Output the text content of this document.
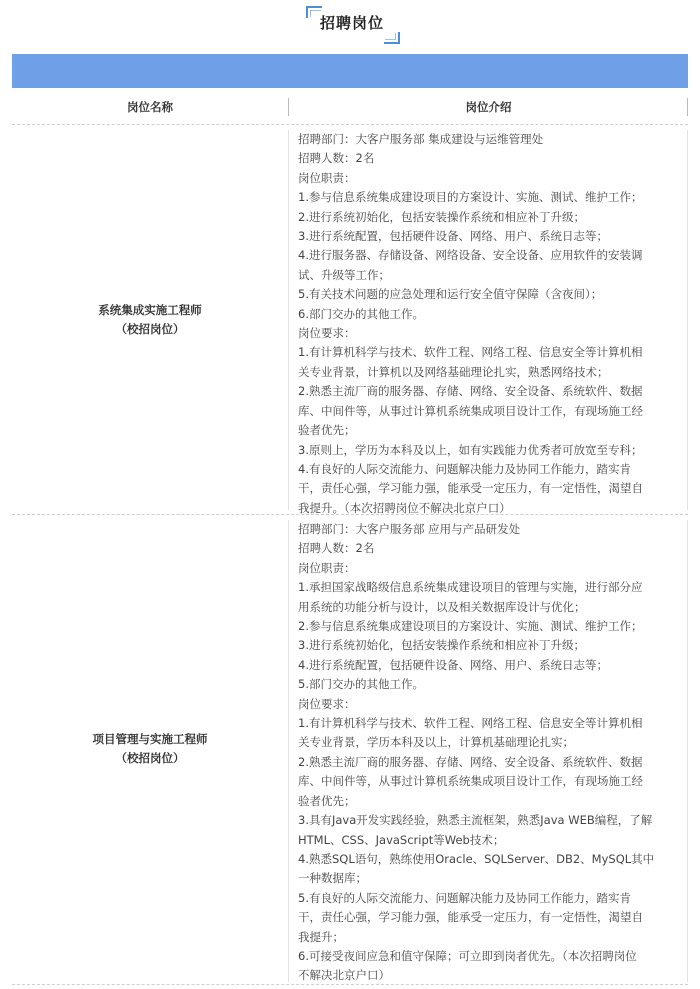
招聘岗位
岗位名称	岗位介绍
系统集成实施工程师
（校招岗位）
招聘部门：大客户服务部 集成建设与运维管理处
招聘人数：2名
岗位职责：
1.参与信息系统集成建设项目的方案设计、实施、测试、维护工作；
2.进行系统初始化，包括安装操作系统和相应补丁升级；
3.进行系统配置，包括硬件设备、网络、用户、系统日志等；
4.进行服务器、存储设备、网络设备、安全设备、应用软件的安装调
试、升级等工作；
5.有关技术问题的应急处理和运行安全值守保障（含夜间）；
6.部门交办的其他工作。
岗位要求：
1.有计算机科学与技术、软件工程、网络工程、信息安全等计算机相
关专业背景，计算机以及网络基础理论扎实，熟悉网络技术；
2.熟悉主流厂商的服务器、存储、网络、安全设备、系统软件、数据
库、中间件等，从事过计算机系统集成项目设计工作，有现场施工经
验者优先；
3.原则上，学历为本科及以上，如有实践能力优秀者可放宽至专科；
4.有良好的人际交流能力、问题解决能力及协同工作能力，踏实肯
干，责任心强，学习能力强，能承受一定压力，有一定悟性，渴望自
我提升。（本次招聘岗位不解决北京户口）
项目管理与实施工程师
（校招岗位）
招聘部门：大客户服务部 应用与产品研发处
招聘人数：2名
岗位职责：
1.承担国家战略级信息系统集成建设项目的管理与实施，进行部分应
用系统的功能分析与设计，以及相关数据库设计与优化；
2.参与信息系统集成建设项目的方案设计、实施、测试、维护工作；
3.进行系统初始化，包括安装操作系统和相应补丁升级；
4.进行系统配置，包括硬件设备、网络、用户、系统日志等；
5.部门交办的其他工作。
岗位要求：
1.有计算机科学与技术、软件工程、网络工程、信息安全等计算机相
关专业背景，学历本科及以上，计算机基础理论扎实；
2.熟悉主流厂商的服务器、存储、网络、安全设备、系统软件、数据
库、中间件等，从事过计算机系统集成项目设计工作，有现场施工经
验者优先；
3.具有Java开发实践经验，熟悉主流框架，熟悉Java WEB编程，了解
HTML、CSS、JavaScript等Web技术；
4.熟悉SQL语句，熟练使用Oracle、SQLServer、DB2、MySQL其中
一种数据库；
5.有良好的人际交流能力、问题解决能力及协同工作能力，踏实肯
干，责任心强，学习能力强，能承受一定压力，有一定悟性，渴望自
我提升；
6.可接受夜间应急和值守保障；可立即到岗者优先。（本次招聘岗位
不解决北京户口）
